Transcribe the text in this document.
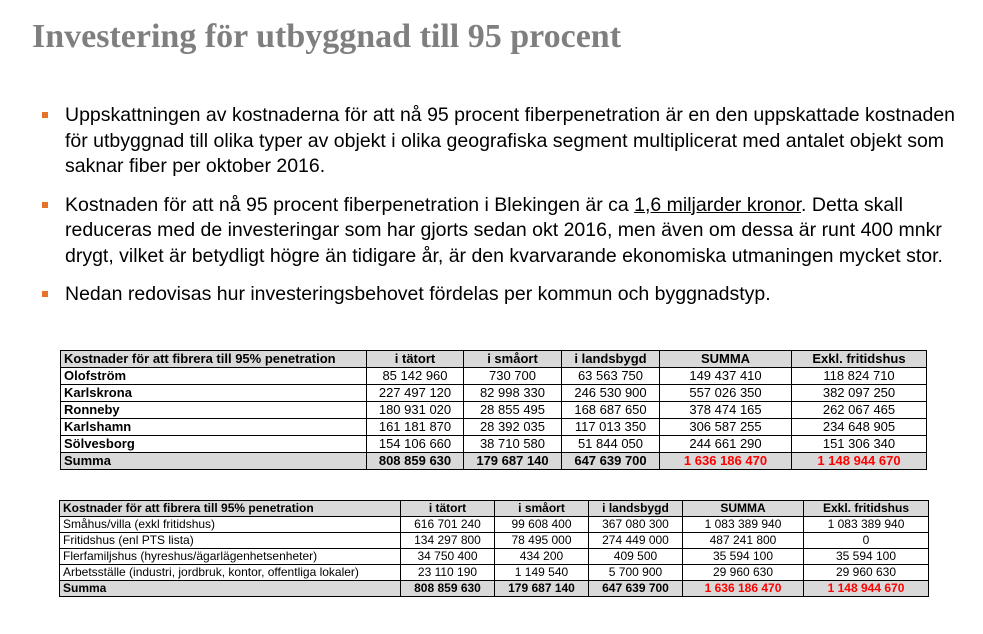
Investering för utbyggnad till 95 procent
Uppskattningen av kostnaderna för att nå 95 procent fiberpenetration är en den uppskattade kostnaden för utbyggnad till olika typer av objekt i olika geografiska segment multiplicerat med antalet objekt som saknar fiber per oktober 2016.
Kostnaden för att nå 95 procent fiberpenetration i Blekingen är ca 1,6 miljarder kronor. Detta skall reduceras med de investeringar som har gjorts sedan okt 2016, men även om dessa är runt 400 mnkr drygt, vilket är betydligt högre än tidigare år, är den kvarvarande ekonomiska utmaningen mycket stor.
Nedan redovisas hur investeringsbehovet fördelas per kommun och byggnadstyp.
Kostnader för att fibrera till 95% penetration	i tätort	i småort	i landsbygd	SUMMA	Exkl. fritidshus
Olofström	85 142 960	730 700	63 563 750	149 437 410	118 824 710
Karlskrona	227 497 120	82 998 330	246 530 900	557 026 350	382 097 250
Ronneby	180 931 020	28 855 495	168 687 650	378 474 165	262 067 465
Karlshamn	161 181 870	28 392 035	117 013 350	306 587 255	234 648 905
Sölvesborg	154 106 660	38 710 580	51 844 050	244 661 290	151 306 340
Summa	808 859 630	179 687 140	647 639 700	1 636 186 470	1 148 944 670
Kostnader för att fibrera till 95% penetration	i tätort	i småort	i landsbygd	SUMMA	Exkl. fritidshus
Småhus/villa (exkl fritidshus)	616 701 240	99 608 400	367 080 300	1 083 389 940	1 083 389 940
Fritidshus (enl PTS lista)	134 297 800	78 495 000	274 449 000	487 241 800	0
Flerfamiljshus (hyreshus/ägarlägenhetsenheter)	34 750 400	434 200	409 500	35 594 100	35 594 100
Arbetsställe (industri, jordbruk, kontor, offentliga lokaler)	23 110 190	1 149 540	5 700 900	29 960 630	29 960 630
Summa	808 859 630	179 687 140	647 639 700	1 636 186 470	1 148 944 670
